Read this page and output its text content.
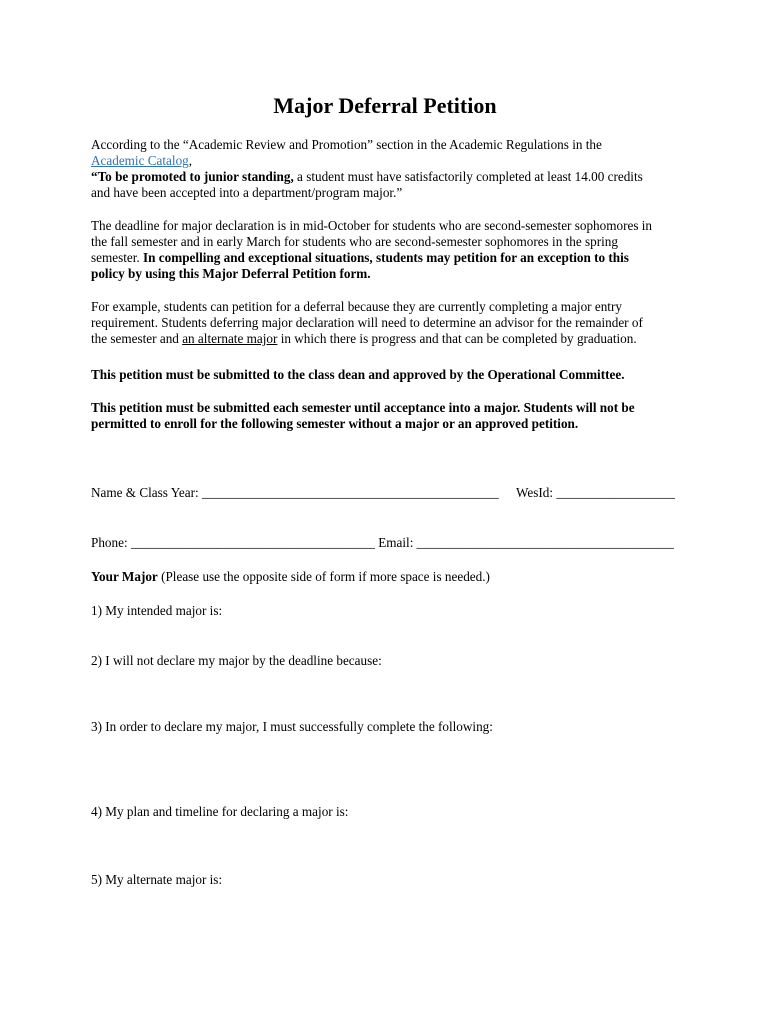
Major Deferral Petition
According to the “Academic Review and Promotion” section in the Academic Regulations in the
Academic Catalog,
“To be promoted to junior standing, a student must have satisfactorily completed at least 14.00 credits
and have been accepted into a department/program major.”
The deadline for major declaration is in mid-October for students who are second-semester sophomores in
the fall semester and in early March for students who are second-semester sophomores in the spring
semester. In compelling and exceptional situations, students may petition for an exception to this
policy by using this Major Deferral Petition form.
For example, students can petition for a deferral because they are currently completing a major entry
requirement. Students deferring major declaration will need to determine an advisor for the remainder of
the semester and an alternate major in which there is progress and that can be completed by graduation.
This petition must be submitted to the class dean and approved by the Operational Committee.
This petition must be submitted each semester until acceptance into a major. Students will not be
permitted to enroll for the following semester without a major or an approved petition.
Name & Class Year: _____________________________________________	WesId: __________________
Phone: _____________________________________ Email: _______________________________________
Your Major (Please use the opposite side of form if more space is needed.)
1) My intended major is:
2) I will not declare my major by the deadline because:
3) In order to declare my major, I must successfully complete the following:
4) My plan and timeline for declaring a major is:
5) My alternate major is:
